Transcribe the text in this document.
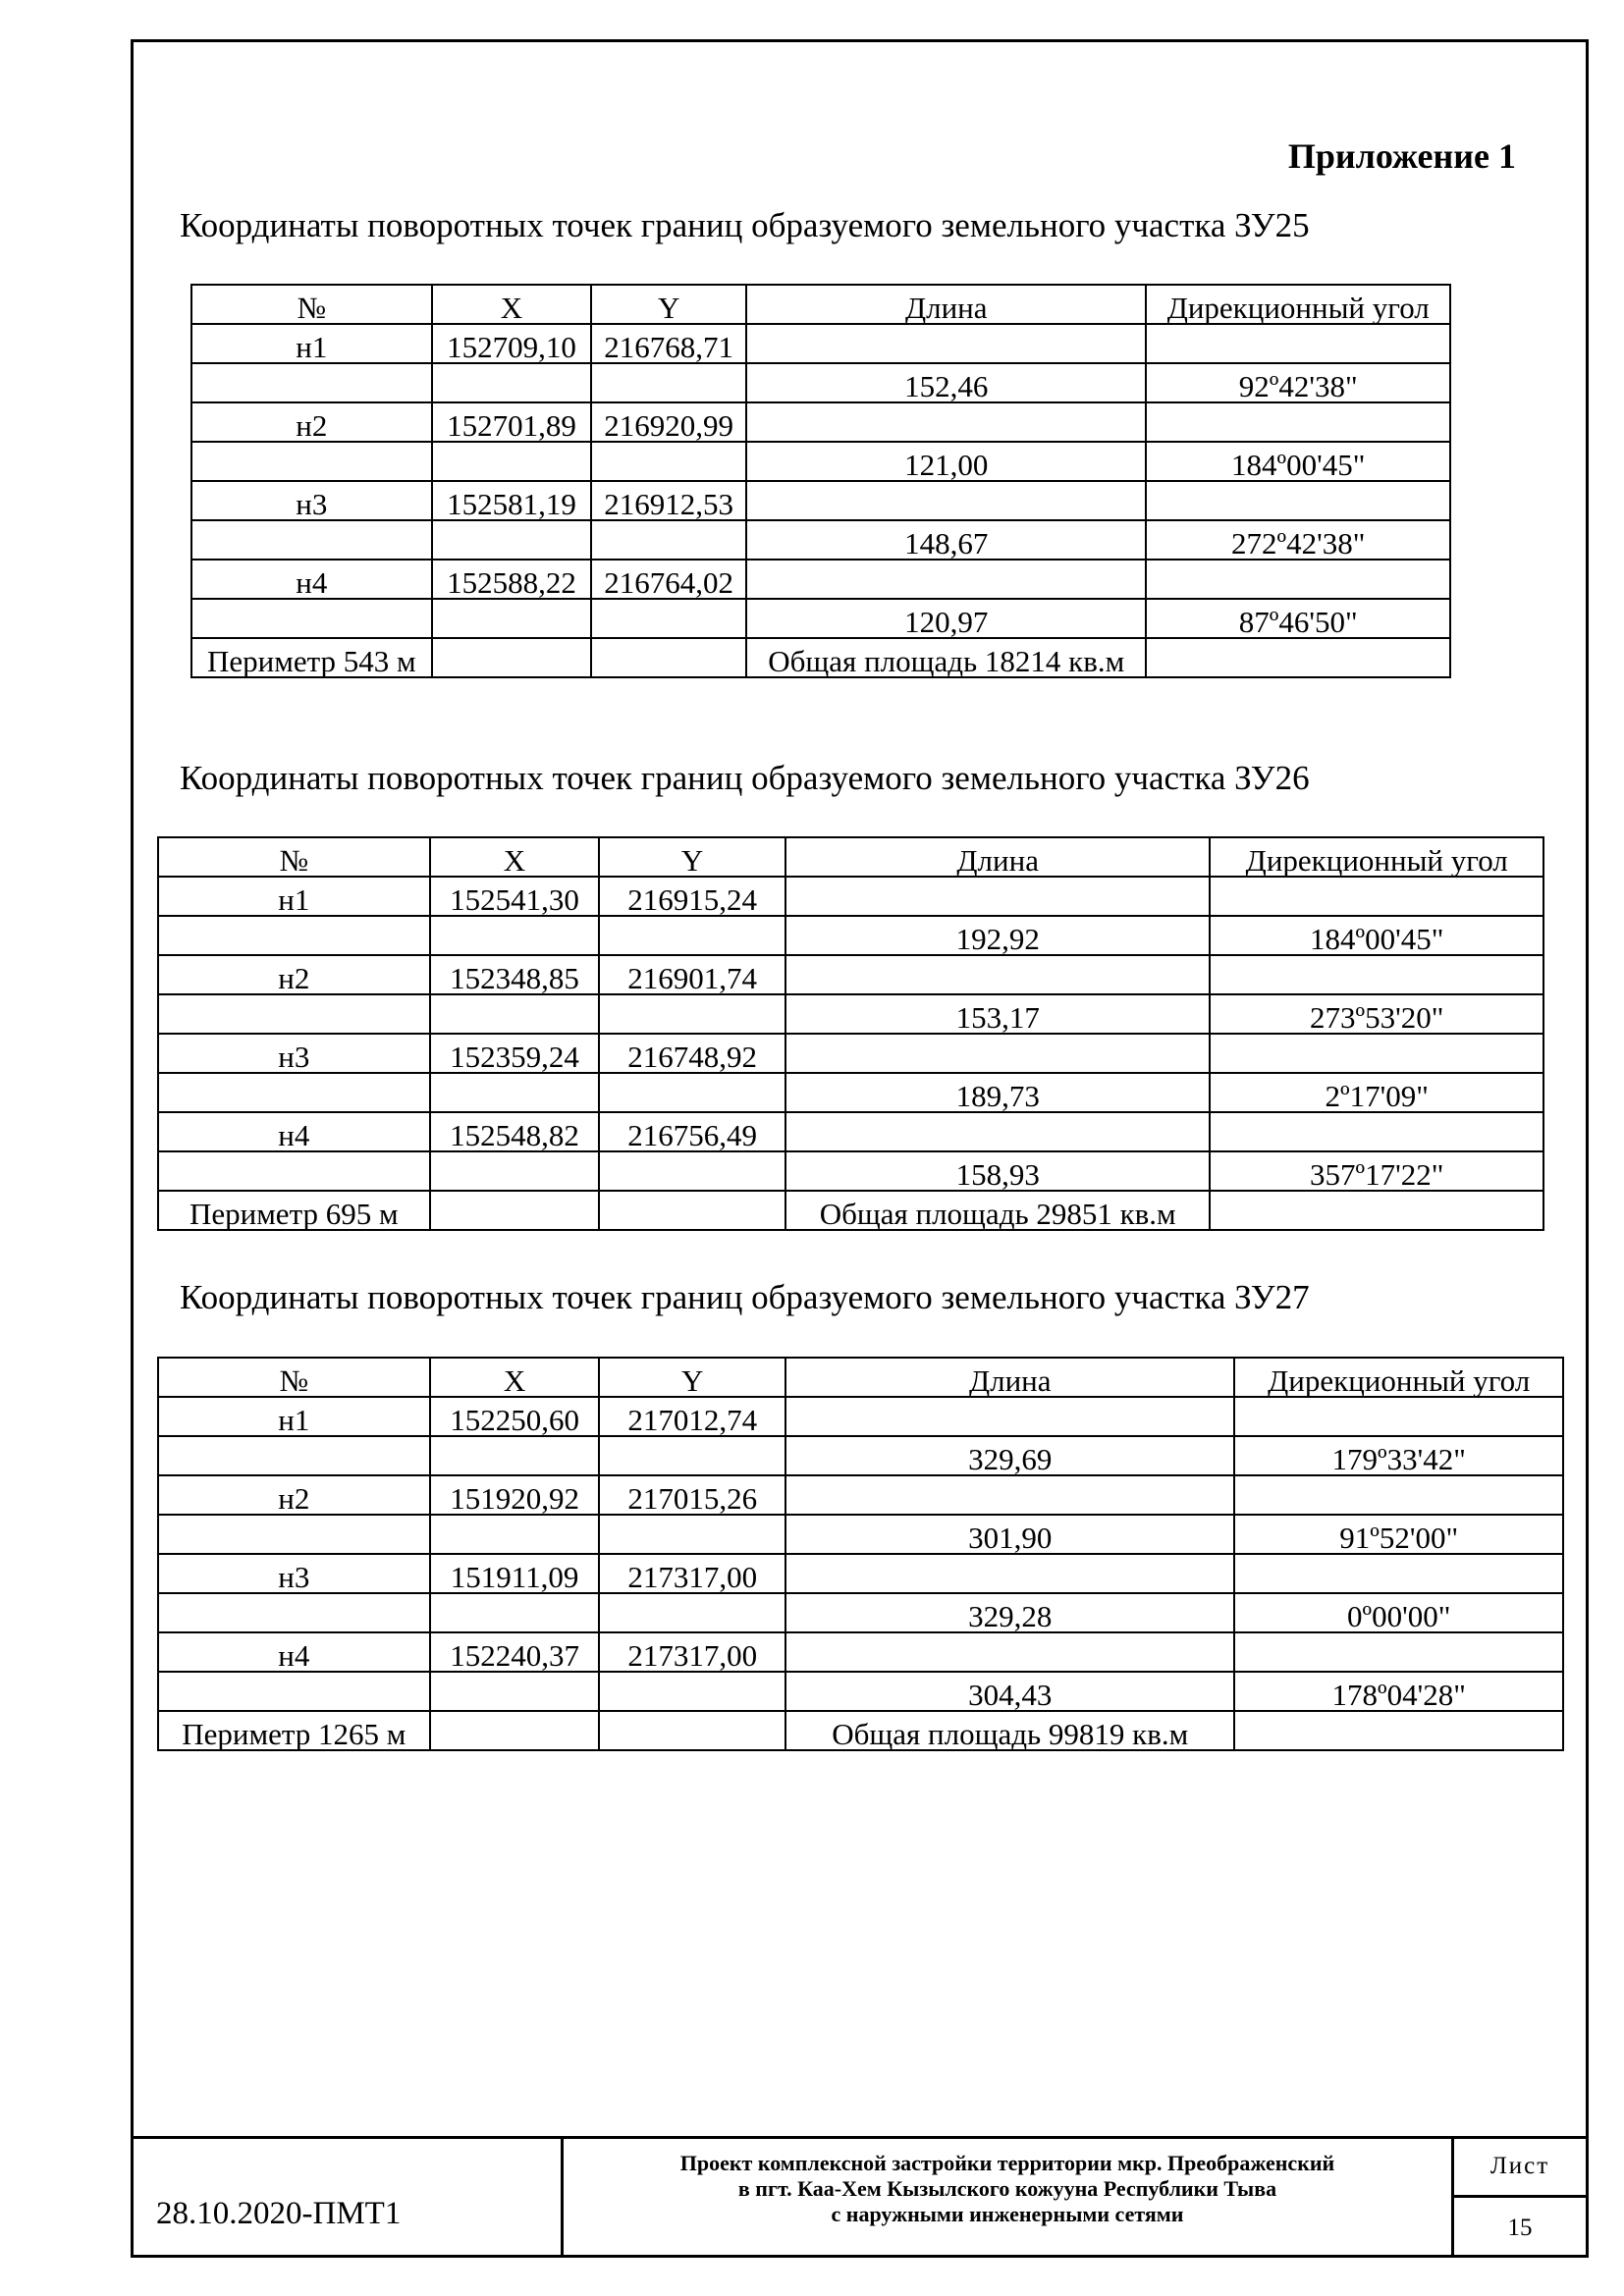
Приложение 1
Координаты поворотных точек границ образуемого земельного участка ЗУ25
№	X	Y	Длина	Дирекционный угол
н1	152709,10	216768,71		
			152,46	92º42'38"
н2	152701,89	216920,99		
			121,00	184º00'45"
н3	152581,19	216912,53		
			148,67	272º42'38"
н4	152588,22	216764,02		
			120,97	87º46'50"
Периметр 543 м			Общая площадь 18214 кв.м	
Координаты поворотных точек границ образуемого земельного участка ЗУ26
№	X	Y	Длина	Дирекционный угол
н1	152541,30	216915,24		
			192,92	184º00'45"
н2	152348,85	216901,74		
			153,17	273º53'20"
н3	152359,24	216748,92		
			189,73	2º17'09"
н4	152548,82	216756,49		
			158,93	357º17'22"
Периметр 695 м			Общая площадь 29851 кв.м	
Координаты поворотных точек границ образуемого земельного участка ЗУ27
№	X	Y	Длина	Дирекционный угол
н1	152250,60	217012,74		
			329,69	179º33'42"
н2	151920,92	217015,26		
			301,90	91º52'00"
н3	151911,09	217317,00		
			329,28	0º00'00"
н4	152240,37	217317,00		
			304,43	178º04'28"
Периметр 1265 м			Общая площадь 99819 кв.м	
28.10.2020-ПМТ1
Проект комплексной застройки территории мкр. Преображенский
в пгт. Каа-Хем Кызылского кожууна Республики Тыва
с наружными инженерными сетями
Лист
15
